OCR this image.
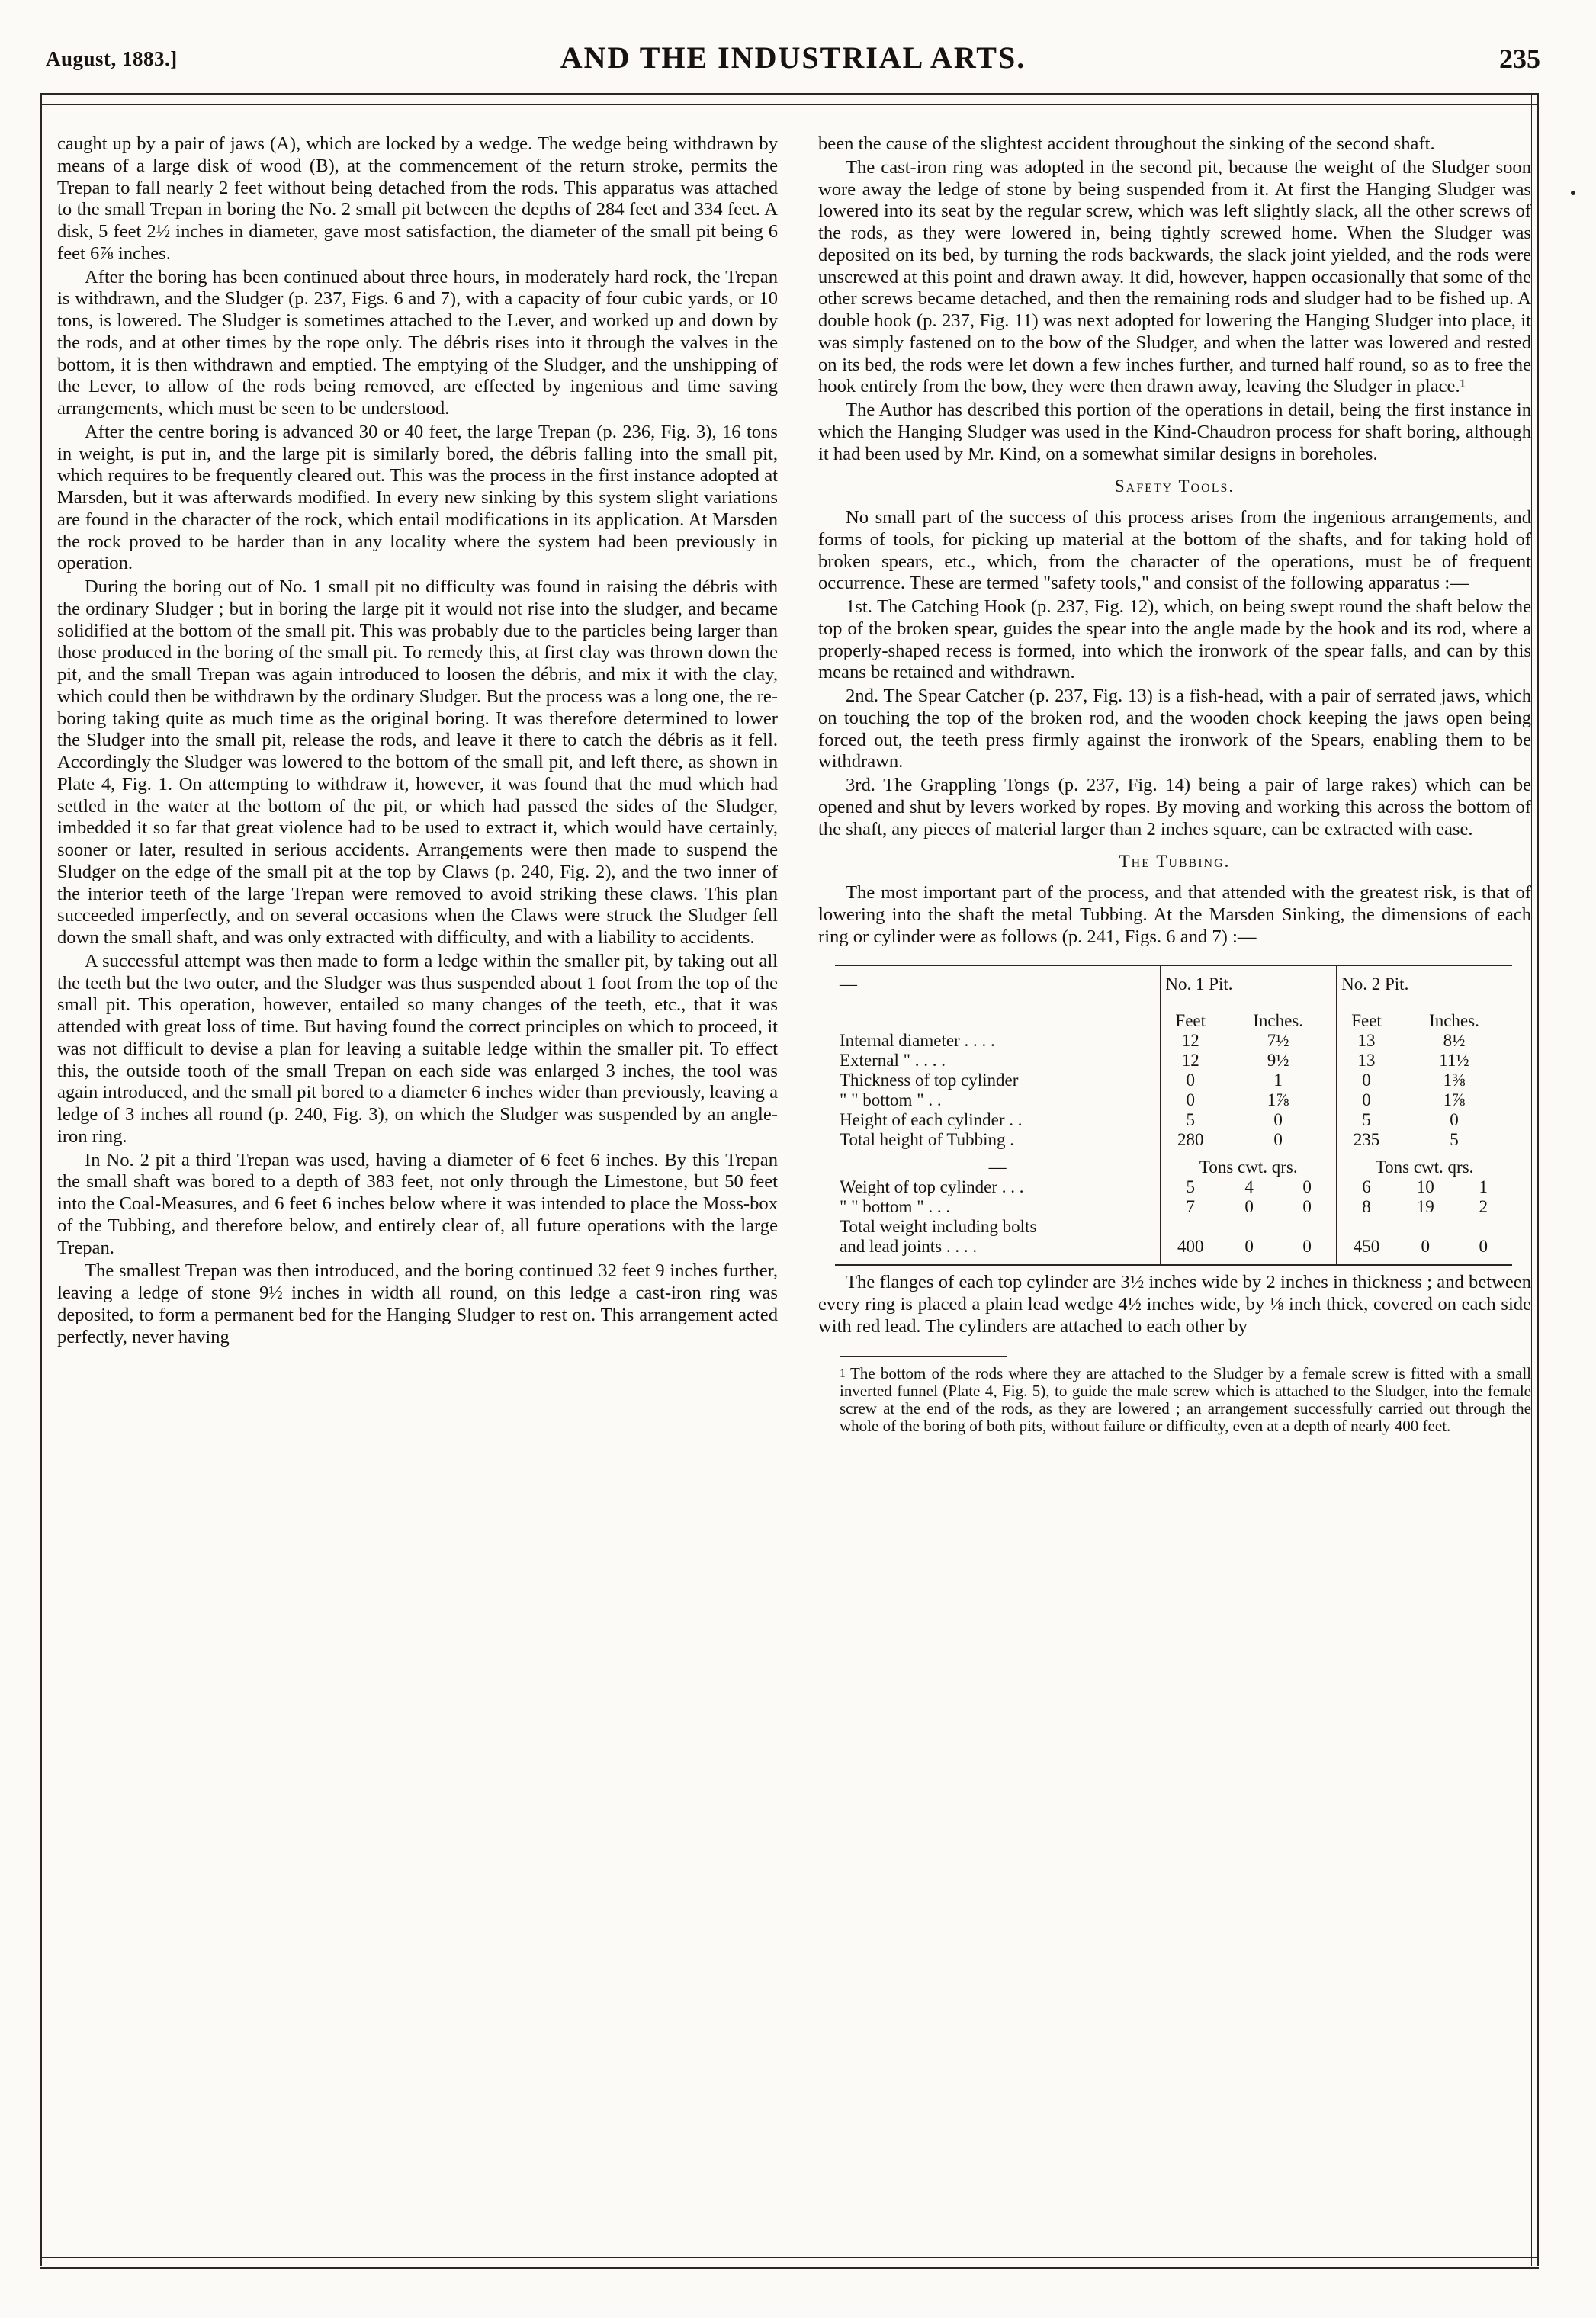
August, 1883.]	AND THE INDUSTRIAL ARTS.	235

caught up by a pair of jaws (A), which are locked by a wedge. The wedge being withdrawn by means of a large disk of wood (B), at the commencement of the return stroke, permits the Trepan to fall nearly 2 feet without being detached from the rods. This apparatus was attached to the small Trepan in boring the No. 2 small pit between the depths of 284 feet and 334 feet. A disk, 5 feet 2½ inches in diameter, gave most satisfaction, the diameter of the small pit being 6 feet 6⅞ inches.

After the boring has been continued about three hours, in moderately hard rock, the Trepan is withdrawn, and the Sludger (p. 237, Figs. 6 and 7), with a capacity of four cubic yards, or 10 tons, is lowered. The Sludger is sometimes attached to the Lever, and worked up and down by the rods, and at other times by the rope only. The débris rises into it through the valves in the bottom, it is then withdrawn and emptied. The emptying of the Sludger, and the unshipping of the Lever, to allow of the rods being removed, are effected by ingenious and time saving arrangements, which must be seen to be understood.

After the centre boring is advanced 30 or 40 feet, the large Trepan (p. 236, Fig. 3), 16 tons in weight, is put in, and the large pit is similarly bored, the débris falling into the small pit, which requires to be frequently cleared out. This was the process in the first instance adopted at Marsden, but it was afterwards modified. In every new sinking by this system slight variations are found in the character of the rock, which entail modifications in its application. At Marsden the rock proved to be harder than in any locality where the system had been previously in operation.

During the boring out of No. 1 small pit no difficulty was found in raising the débris with the ordinary Sludger ; but in boring the large pit it would not rise into the sludger, and became solidified at the bottom of the small pit. This was probably due to the particles being larger than those produced in the boring of the small pit. To remedy this, at first clay was thrown down the pit, and the small Trepan was again introduced to loosen the débris, and mix it with the clay, which could then be withdrawn by the ordinary Sludger. But the process was a long one, the re-boring taking quite as much time as the original boring. It was therefore determined to lower the Sludger into the small pit, release the rods, and leave it there to catch the débris as it fell. Accordingly the Sludger was lowered to the bottom of the small pit, and left there, as shown in Plate 4, Fig. 1. On attempting to withdraw it, however, it was found that the mud which had settled in the water at the bottom of the pit, or which had passed the sides of the Sludger, imbedded it so far that great violence had to be used to extract it, which would have certainly, sooner or later, resulted in serious accidents. Arrangements were then made to suspend the Sludger on the edge of the small pit at the top by Claws (p. 240, Fig. 2), and the two inner of the interior teeth of the large Trepan were removed to avoid striking these claws. This plan succeeded imperfectly, and on several occasions when the Claws were struck the Sludger fell down the small shaft, and was only extracted with difficulty, and with a liability to accidents.

A successful attempt was then made to form a ledge within the smaller pit, by taking out all the teeth but the two outer, and the Sludger was thus suspended about 1 foot from the top of the small pit. This operation, however, entailed so many changes of the teeth, etc., that it was attended with great loss of time. But having found the correct principles on which to proceed, it was not difficult to devise a plan for leaving a suitable ledge within the smaller pit. To effect this, the outside tooth of the small Trepan on each side was enlarged 3 inches, the tool was again introduced, and the small pit bored to a diameter 6 inches wider than previously, leaving a ledge of 3 inches all round (p. 240, Fig. 3), on which the Sludger was suspended by an angle-iron ring.

In No. 2 pit a third Trepan was used, having a diameter of 6 feet 6 inches. By this Trepan the small shaft was bored to a depth of 383 feet, not only through the Limestone, but 50 feet into the Coal-Measures, and 6 feet 6 inches below where it was intended to place the Moss-box of the Tubbing, and therefore below, and entirely clear of, all future operations with the large Trepan.

The smallest Trepan was then introduced, and the boring continued 32 feet 9 inches further, leaving a ledge of stone 9½ inches in width all round, on this ledge a cast-iron ring was deposited, to form a permanent bed for the Hanging Sludger to rest on. This arrangement acted perfectly, never having

been the cause of the slightest accident throughout the sinking of the second shaft.

The cast-iron ring was adopted in the second pit, because the weight of the Sludger soon wore away the ledge of stone by being suspended from it. At first the Hanging Sludger was lowered into its seat by the regular screw, which was left slightly slack, all the other screws of the rods, as they were lowered in, being tightly screwed home. When the Sludger was deposited on its bed, by turning the rods backwards, the slack joint yielded, and the rods were unscrewed at this point and drawn away. It did, however, happen occasionally that some of the other screws became detached, and then the remaining rods and sludger had to be fished up. A double hook (p. 237, Fig. 11) was next adopted for lowering the Hanging Sludger into place, it was simply fastened on to the bow of the Sludger, and when the latter was lowered and rested on its bed, the rods were let down a few inches further, and turned half round, so as to free the hook entirely from the bow, they were then drawn away, leaving the Sludger in place.¹

The Author has described this portion of the operations in detail, being the first instance in which the Hanging Sludger was used in the Kind-Chaudron process for shaft boring, although it had been used by Mr. Kind, on a somewhat similar designs in boreholes.

Safety Tools.

No small part of the success of this process arises from the ingenious arrangements, and forms of tools, for picking up material at the bottom of the shafts, and for taking hold of broken spears, etc., which, from the character of the operations, must be of frequent occurrence. These are termed "safety tools," and consist of the following apparatus :—

1st. The Catching Hook (p. 237, Fig. 12), which, on being swept round the shaft below the top of the broken spear, guides the spear into the angle made by the hook and its rod, where a properly-shaped recess is formed, into which the ironwork of the spear falls, and can by this means be retained and withdrawn.

2nd. The Spear Catcher (p. 237, Fig. 13) is a fish-head, with a pair of serrated jaws, which on touching the top of the broken rod, and the wooden chock keeping the jaws open being forced out, the teeth press firmly against the ironwork of the Spears, enabling them to be withdrawn.

3rd. The Grappling Tongs (p. 237, Fig. 14) being a pair of large rakes) which can be opened and shut by levers worked by ropes. By moving and working this across the bottom of the shaft, any pieces of material larger than 2 inches square, can be extracted with ease.

The Tubbing.

The most important part of the process, and that attended with the greatest risk, is that of lowering into the shaft the metal Tubbing. At the Marsden Sinking, the dimensions of each ring or cylinder were as follows (p. 241, Figs. 6 and 7) :—

—	No. 1 Pit.			No. 2 Pit.		
	Feet	Inches.		Feet	Inches.	
Internal diameter . . . .	12	7½		13	8½	
External " . . . .	12	9½		13	11½	
Thickness of top cylinder	0	1		0	1⅜	
" " bottom " . .	0	1⅞		0	1⅞	
Height of each cylinder . .	5	0		5	0	
Total height of Tubbing .	280	0		235	5	
—	Tons cwt. qrs.			Tons cwt. qrs.		
Weight of top cylinder . . .	5	4	0	6	10	1
" " bottom " . . .	7	0	0	8	19	2
Total weight including bolts						
and lead joints . . . .	400	0	0	450	0	0

The flanges of each top cylinder are 3½ inches wide by 2 inches in thickness ; and between every ring is placed a plain lead wedge 4½ inches wide, by ⅛ inch thick, covered on each side with red lead. The cylinders are attached to each other by

$^1$ The bottom of the rods where they are attached to the Sludger by a female screw is fitted with a small inverted funnel (Plate 4, Fig. 5), to guide the male screw which is attached to the Sludger, into the female screw at the end of the rods, as they are lowered ; an arrangement successfully carried out through the whole of the boring of both pits, without failure or difficulty, even at a depth of nearly 400 feet.
